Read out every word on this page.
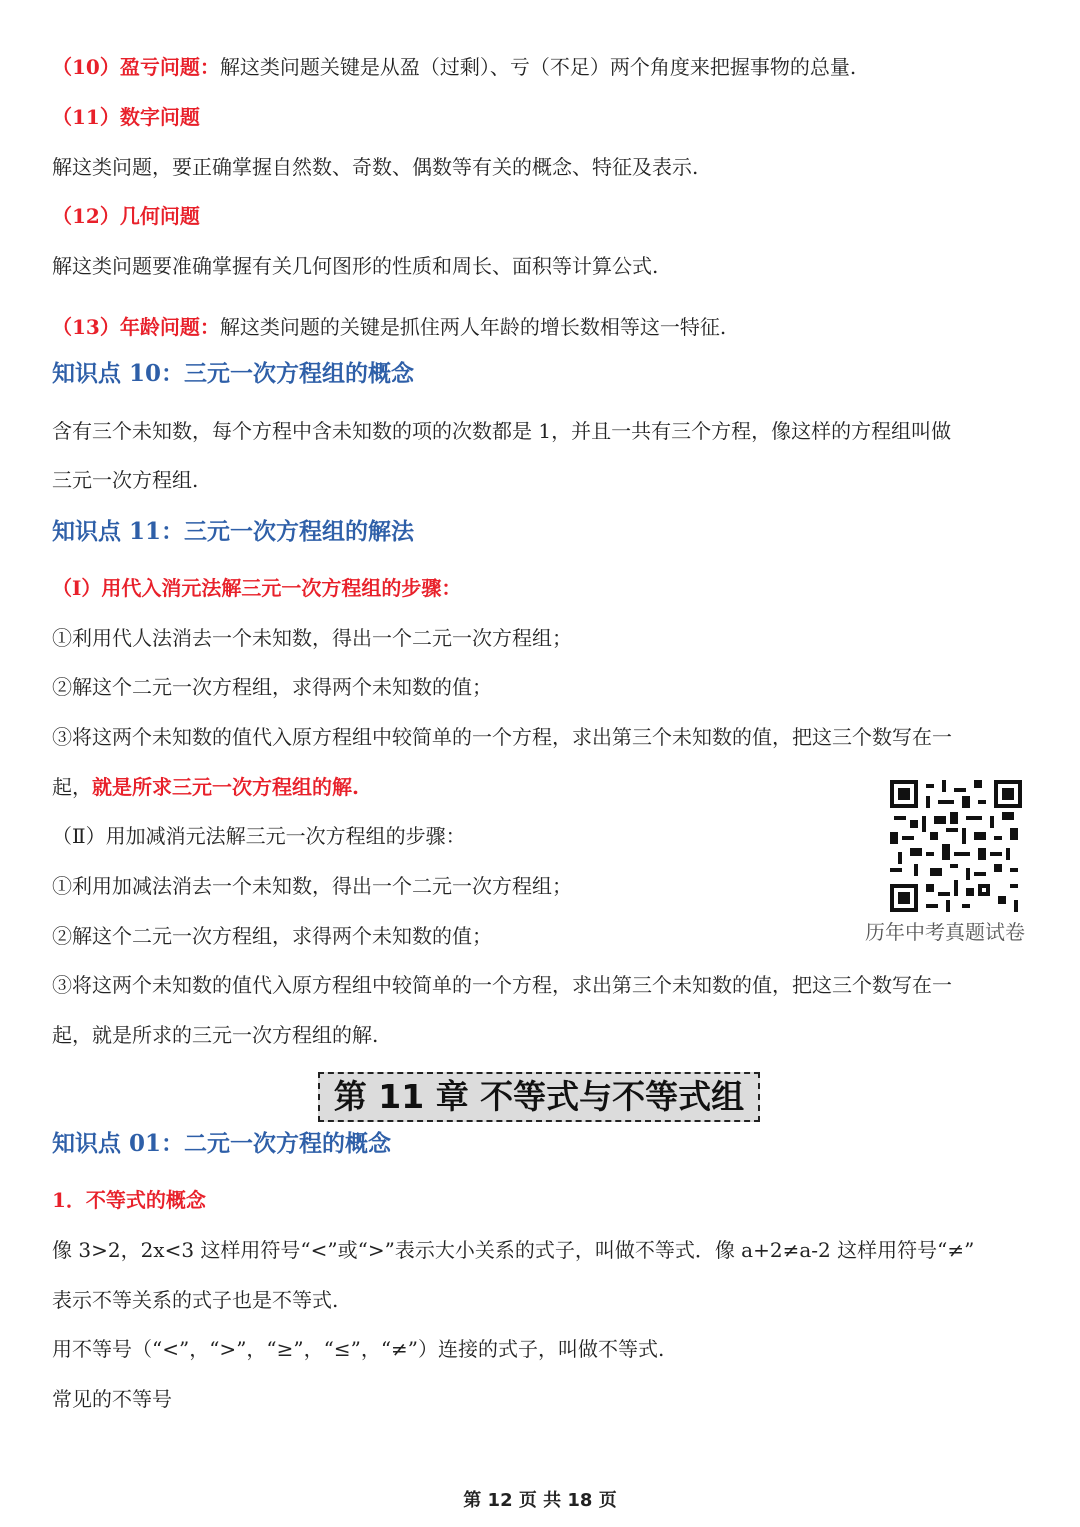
（10）盈亏问题：解这类问题关键是从盈（过剩）、亏（不足）两个角度来把握事物的总量.
（11）数字问题
解这类问题，要正确掌握自然数、奇数、偶数等有关的概念、特征及表示.
（12）几何问题
解这类问题要准确掌握有关几何图形的性质和周长、面积等计算公式.
（13）年龄问题：解这类问题的关键是抓住两人年龄的增长数相等这一特征.
知识点 10：三元一次方程组的概念
含有三个未知数，每个方程中含未知数的项的次数都是 1，并且一共有三个方程，像这样的方程组叫做
三元一次方程组.
知识点 11：三元一次方程组的解法
（Ⅰ）用代入消元法解三元一次方程组的步骤：
①利用代人法消去一个未知数，得出一个二元一次方程组；
②解这个二元一次方程组，求得两个未知数的值；
③将这两个未知数的值代入原方程组中较简单的一个方程，求出第三个未知数的值，把这三个数写在一
起，就是所求三元一次方程组的解.
（Ⅱ）用加减消元法解三元一次方程组的步骤：
①利用加减法消去一个未知数，得出一个二元一次方程组；
②解这个二元一次方程组，求得两个未知数的值；
③将这两个未知数的值代入原方程组中较简单的一个方程，求出第三个未知数的值，把这三个数写在一
起，就是所求的三元一次方程组的解.
历年中考真题试卷
第 11 章 不等式与不等式组
知识点 01：二元一次方程的概念
1．不等式的概念
像 3>2，2x<3 这样用符号“<”或“>”表示大小关系的式子，叫做不等式．像 a+2≠a-2 这样用符号“≠”
表示不等关系的式子也是不等式.
用不等号（“<”，“>”，“≥”，“≤”，“≠”）连接的式子，叫做不等式.
常见的不等号
第 12 页 共 18 页
